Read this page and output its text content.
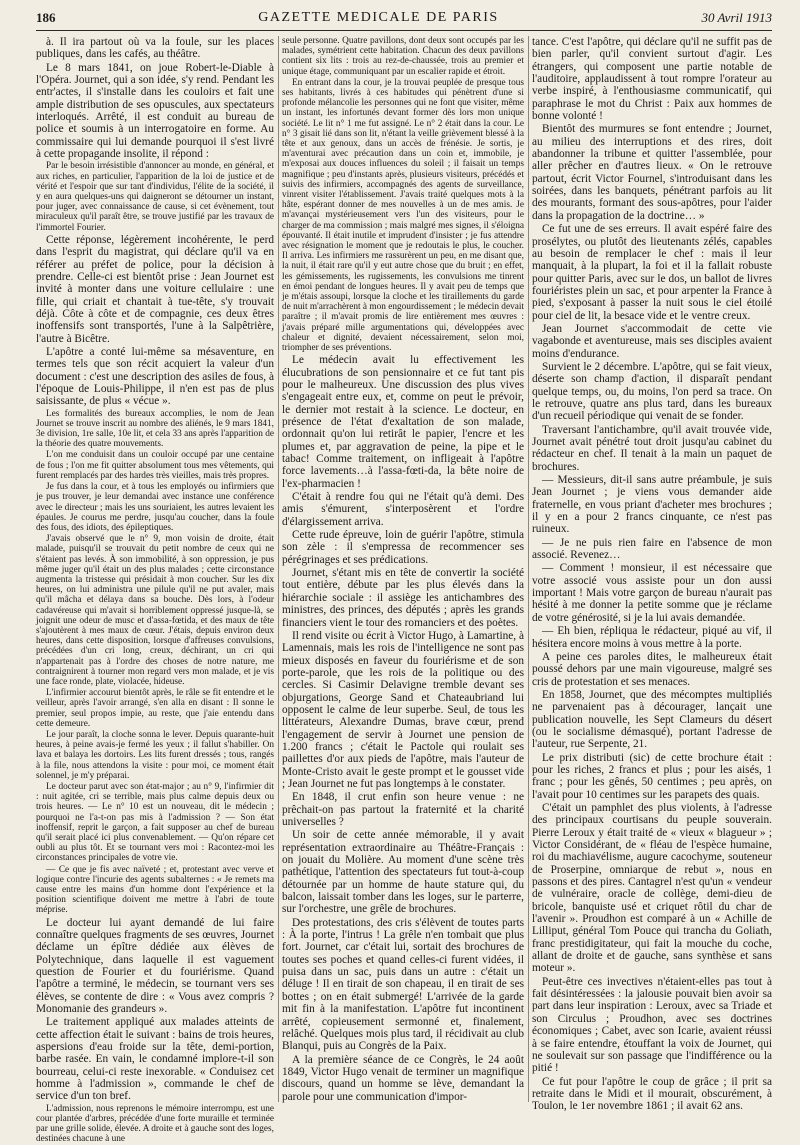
186	GAZETTE MEDICALE DE PARIS	30 Avril 1913

à. Il ira partout où va la foule, sur les places publiques, dans les cafés, au théâtre.

Le 8 mars 1841, on joue Robert-le-Diable à l'Opéra. Journet, qui a son idée, s'y rend. Pendant les entr'actes, il s'installe dans les couloirs et fait une ample distribution de ses opuscules, aux spectateurs interloqués. Arrêté, il est conduit au bureau de police et soumis à un interrogatoire en forme. Au commissaire qui lui demande pourquoi il s'est livré à cette propagande insolite, il répond :

Par le besoin irrésistible d'annoncer au monde, en général, et aux riches, en particulier, l'apparition de la loi de justice et de vérité et l'espoir que sur tant d'individus, l'élite de la société, il y en aura quelques-uns qui daigneront se détourner un instant, pour juger, avec connaissance de cause, si cet évènement, tout miraculeux qu'il paraît être, se trouve justifié par les travaux de l'immortel Fourier.

Cette réponse, légèrement incohérente, le perd dans l'esprit du magistrat, qui déclare qu'il va en référer au préfet de police, pour la décision à prendre. Celle-ci est bientôt prise : Jean Journet est invité à monter dans une voiture cellulaire : une fille, qui criait et chantait à tue-tête, s'y trouvait déjà. Côte à côte et de compagnie, ces deux êtres inoffensifs sont transportés, l'une à la Salpêtrière, l'autre à Bicêtre.

L'apôtre a conté lui-même sa mésaventure, en termes tels que son récit acquiert la valeur d'un document : c'est une description des asiles de fous, à l'époque de Louis-Philippe, il n'en est pas de plus saisissante, de plus « vécue ».

Les formalités des bureaux accomplies, le nom de Jean Journet se trouve inscrit au nombre des aliénés, le 9 mars 1841, 3e division, 1re salle, 10e lit, et cela 33 ans après l'apparition de la théorie des quatre mouvements.

L'on me conduisit dans un couloir occupé par une centaine de fous ; l'on me fit quitter absolument tous mes vêtements, qui furent remplacés par des hardes très vieilles, mais très propres.

Je fus dans la cour, et à tous les employés ou infirmiers que je pus trouver, je leur demandai avec instance une conférence avec le directeur ; mais les uns souriaient, les autres levaient les épaules. Je courus me perdre, jusqu'au coucher, dans la foule des fous, des idiots, des épileptiques.

J'avais observé que le n° 9, mon voisin de droite, était malade, puisqu'il se trouvait du petit nombre de ceux qui ne s'étaient pas levés. À son immobilité, à son oppression, je pus même juger qu'il était un des plus malades ; cette circonstance augmenta la tristesse qui présidait à mon coucher. Sur les dix heures, on lui administra une pilule qu'il ne put avaler, mais qu'il mâcha et délaya dans sa bouche. Dès lors, à l'odeur cadavéreuse qui m'avait si horriblement oppressé jusque-là, se joignit une odeur de musc et d'assa-fœtida, et des maux de tête s'ajoutèrent à mes maux de cœur. J'étais, depuis environ deux heures, dans cette disposition, lorsque d'affreuses convulsions, précédées d'un cri long, creux, déchirant, un cri qui n'appartenait pas à l'ordre des choses de notre nature, me contraignirent à tourner mon regard vers mon malade, et je vis une face ronde, plate, violacée, hideuse.

L'infirmier accourut bientôt après, le râle se fit entendre et le veilleur, après l'avoir arrangé, s'en alla en disant : Il sonne le premier, seul propos impie, au reste, que j'aie entendu dans cette demeure.

Le jour paraît, la cloche sonna le lever. Depuis quarante-huit heures, à peine avais-je fermé les yeux ; il fallut s'habiller. On lava et balaya les dortoirs. Les lits furent dressés ; tous, rangés à la file, nous attendons la visite : pour moi, ce moment était solennel, je m'y préparai.

Le docteur parut avec son état-major ; au n° 9, l'infirmier dit : nuit agitée, cri se terrible, mais plus calme depuis deux ou trois heures. — Le n° 10 est un nouveau, dit le médecin ; pourquoi ne l'a-t-on pas mis à l'admission ? — Son état inoffensif, reprit le garçon, a fait supposer au chef de bureau qu'il serait placé ici plus convenablement. — Qu'on répare cet oubli au plus tôt. Et se tournant vers moi : Racontez-moi les circonstances principales de votre vie.

— Ce que je fis avec naïveté ; et, protestant avec verve et logique contre l'incurie des agents subalternes : « Je remets ma cause entre les mains d'un homme dont l'expérience et la position scientifique doivent me mettre à l'abri de toute méprise.

Le docteur lui ayant demandé de lui faire connaître quelques fragments de ses œuvres, Journet déclame un épître dédiée aux élèves de Polytechnique, dans laquelle il est vaguement question de Fourier et du fouriérisme. Quand l'apôtre a terminé, le médecin, se tournant vers ses élèves, se contente de dire : « Vous avez compris ? Monomanie des grandeurs ».

Le traitement appliqué aux malades atteints de cette affection était le suivant : bains de trois heures, aspersions d'eau froide sur la tête, demi-portion, barbe rasée. En vain, le condamné implore-t-il son bourreau, celui-ci reste inexorable. « Conduisez cet homme à l'admission », commande le chef de service d'un ton bref.

L'admission, nous reprenons le mémoire interrompu, est une cour plantée d'arbres, précédée d'une forte muraille et terminée par une grille solide, élevée. A droite et à gauche sont des loges, destinées chacune à une

seule personne. Quatre pavillons, dont deux sont occupés par les malades, symétrient cette habitation. Chacun des deux pavillons contient six lits : trois au rez-de-chaussée, trois au premier et unique étage, communiquant par un escalier rapide et étroit.

En entrant dans la cour, je la trouvai peuplée de presque tous ses habitants, livrés à ces habitudes qui pénètrent d'une si profonde mélancolie les personnes qui ne font que visiter, même un instant, les infortunés devant former dès lors mon unique société. Le lit n° 1 me fut assigné. Le n° 2 était dans la cour. Le n° 3 gisait lié dans son lit, n'étant la veille grièvement blessé à la tête et aux genoux, dans un accès de frénésie. Je sortis, je m'aventurai avec précaution dans un coin et, immobile, je m'exposai aux douces influences du soleil ; il faisait un temps magnifique ; peu d'instants après, plusieurs visiteurs, précédés et suivis des infirmiers, accompagnés des agents de surveillance, vinrent visiter l'établissement. J'avais traité quelques mots à la hâte, espérant donner de mes nouvelles à un de mes amis. Je m'avançai mystérieusement vers l'un des visiteurs, pour le charger de ma commission ; mais malgré mes signes, il s'éloigna épouvanté. Il était inutile et imprudent d'insister ; je fus attendre avec résignation le moment que je redoutais le plus, le coucher. Il arriva. Les infirmiers me rassurèrent un peu, en me disant que, la nuit, il était rare qu'il y eut autre chose que du bruit ; en effet, les gémissements, les rugissements, les convulsions me tinrent en émoi pendant de longues heures. Il y avait peu de temps que je m'étais assoupi, lorsque la cloche et les tiraillements du garde de nuit m'arrachèrent à mon engourdissement ; le médecin devait paraître ; il m'avait promis de lire entièrement mes œuvres : j'avais préparé mille argumentations qui, développées avec chaleur et dignité, devaient nécessairement, selon moi, triompher de ses préventions.

Le médecin avait lu effectivement les élucubrations de son pensionnaire et ce fut tant pis pour le malheureux. Une discussion des plus vives s'engageait entre eux, et, comme on peut le prévoir, le dernier mot restait à la science. Le docteur, en présence de l'état d'exaltation de son malade, ordonnait qu'on lui retirât le papier, l'encre et les plumes et, par aggravation de peine, la pipe et le tabac! Comme traitement, on infligeait à l'apôtre force lavements…à l'assa-fœti-da, la bête noire de l'ex-pharmacien !

C'était à rendre fou qui ne l'était qu'à demi. Des amis s'émurent, s'interposèrent et l'ordre d'élargissement arriva.

Cette rude épreuve, loin de guérir l'apôtre, stimula son zèle : il s'empressa de recommencer ses pérégrinages et ses prédications.

Journet, s'étant mis en tête de convertir la société tout entière, débute par les plus élevés dans la hiérarchie sociale : il assiège les antichambres des ministres, des princes, des députés ; après les grands financiers vient le tour des romanciers et des poètes.

Il rend visite ou écrit à Victor Hugo, à Lamartine, à Lamennais, mais les rois de l'intelligence ne sont pas mieux disposés en faveur du fouriérisme et de son porte-parole, que les rois de la politique ou des cercles. Si Casimir Delavigne tremble devant ses objurgations, George Sand et Chateaubriand lui opposent le calme de leur superbe. Seul, de tous les littérateurs, Alexandre Dumas, brave cœur, prend l'engagement de servir à Journet une pension de 1.200 francs ; c'était le Pactole qui roulait ses paillettes d'or aux pieds de l'apôtre, mais l'auteur de Monte-Cristo avait le geste prompt et le gousset vide ; Jean Journet ne fut pas longtemps à le constater.

En 1848, il crut enfin son heure venue : ne prêchait-on pas partout la fraternité et la charité universelles ?

Un soir de cette année mémorable, il y avait représentation extraordinaire au Théâtre-Français : on jouait du Molière. Au moment d'une scène très pathétique, l'attention des spectateurs fut tout-à-coup détournée par un homme de haute stature qui, du balcon, laissait tomber dans les loges, sur le parterre, sur l'orchestre, une grêle de brochures.

Des protestations, des cris s'élèvent de toutes parts : À la porte, l'intrus ! La grêle n'en tombait que plus fort. Journet, car c'était lui, sortait des brochures de toutes ses poches et quand celles-ci furent vidées, il puisa dans un sac, puis dans un autre : c'était un déluge ! Il en tirait de son chapeau, il en tirait de ses bottes ; on en était submergé! L'arrivée de la garde mit fin à la manifestation. L'apôtre fut incontinent arrêté, copieusement sermonné et, finalement, relâché. Quelques mois plus tard, il récidivait au club Blanqui, puis au Congrès de la Paix.

A la première séance de ce Congrès, le 24 août 1849, Victor Hugo venait de terminer un magnifique discours, quand un homme se lève, demandant la parole pour une communication d'impor-

tance. C'est l'apôtre, qui déclare qu'il ne suffit pas de bien parler, qu'il convient surtout d'agir. Les étrangers, qui composent une partie notable de l'auditoire, applaudissent à tout rompre l'orateur au verbe inspiré, à l'enthousiasme communicatif, qui paraphrase le mot du Christ : Paix aux hommes de bonne volonté !

Bientôt des murmures se font entendre ; Journet, au milieu des interruptions et des rires, doit abandonner la tribune et quitter l'assemblée, pour aller prêcher en d'autres lieux. « On le retrouve partout, écrit Victor Fournel, s'introduisant dans les soirées, dans les banquets, pénétrant parfois au lit des mourants, formant des sous-apôtres, pour l'aider dans la propagation de la doctrine… »

Ce fut une de ses erreurs. Il avait espéré faire des prosélytes, ou plutôt des lieutenants zélés, capables au besoin de remplacer le chef : mais il leur manquait, à la plupart, la foi et il la fallait robuste pour quitter Paris, avec sur le dos, un ballot de livres fouriéristes plein un sac, et pour arpenter la France à pied, s'exposant à passer la nuit sous le ciel étoilé pour ciel de lit, la besace vide et le ventre creux.

Jean Journet s'accommodait de cette vie vagabonde et aventureuse, mais ses disciples avaient moins d'endurance.

Survient le 2 décembre. L'apôtre, qui se fait vieux, déserte son champ d'action, il disparaît pendant quelque temps, ou, du moins, l'on perd sa trace. On le retrouve, quatre ans plus tard, dans les bureaux d'un recueil périodique qui venait de se fonder.

Traversant l'antichambre, qu'il avait trouvée vide, Journet avait pénétré tout droit jusqu'au cabinet du rédacteur en chef. Il tenait à la main un paquet de brochures.

— Messieurs, dit-il sans autre préambule, je suis Jean Journet ; je viens vous demander aide fraternelle, en vous priant d'acheter mes brochures ; il y en a pour 2 francs cinquante, ce n'est pas ruineux.

— Je ne puis rien faire en l'absence de mon associé. Revenez…

— Comment ! monsieur, il est nécessaire que votre associé vous assiste pour un don aussi important ! Mais votre garçon de bureau n'aurait pas hésité à me donner la petite somme que je réclame de votre générosité, si je la lui avais demandée.

— Eh bien, répliqua le rédacteur, piqué au vif, il hésitera encore moins à vous mettre à la porte.

A peine ces paroles dites, le malheureux était poussé dehors par une main vigoureuse, malgré ses cris de protestation et ses menaces.

En 1858, Journet, que des mécomptes multipliés ne parvenaient pas à décourager, lançait une publication nouvelle, les Sept Clameurs du désert (ou le socialisme démasqué), portant l'adresse de l'auteur, rue Serpente, 21.

Le prix distributi (sic) de cette brochure était : pour les riches, 2 francs et plus ; pour les aisés, 1 franc ; pour les gênés, 50 centimes ; peu après, on l'avait pour 10 centimes sur les parapets des quais.

C'était un pamphlet des plus violents, à l'adresse des principaux courtisans du peuple souverain. Pierre Leroux y était traité de « vieux « blagueur » ; Victor Considérant, de « fléau de l'espèce humaine, roi du machiavélisme, augure cacochyme, souteneur de Proserpine, omniarque de rebut », nous en passons et des pires. Cantagrel n'est qu'un « vendeur de vulnéraire, oracle de collège, demi-dieu de bricole, banquiste usé et criquet rôtil du char de l'avenir ». Proudhon est comparé à un « Achille de Lilliput, général Tom Pouce qui trancha du Goliath, franc prestidigitateur, qui fait la mouche du coche, allant de droite et de gauche, sans synthèse et sans moteur ».

Peut-être ces invectives n'étaient-elles pas tout à fait désintéressées : la jalousie pouvait bien avoir sa part dans leur inspiration : Leroux, avec sa Triade et son Circulus ; Proudhon, avec ses doctrines économiques ; Cabet, avec son Icarie, avaient réussi à se faire entendre, étouffant la voix de Journet, qui ne soulevait sur son passage que l'indifférence ou la pitié !

Ce fut pour l'apôtre le coup de grâce ; il prit sa retraite dans le Midi et il mourait, obscurément, à Toulon, le 1er novembre 1861 ; il avait 62 ans.
